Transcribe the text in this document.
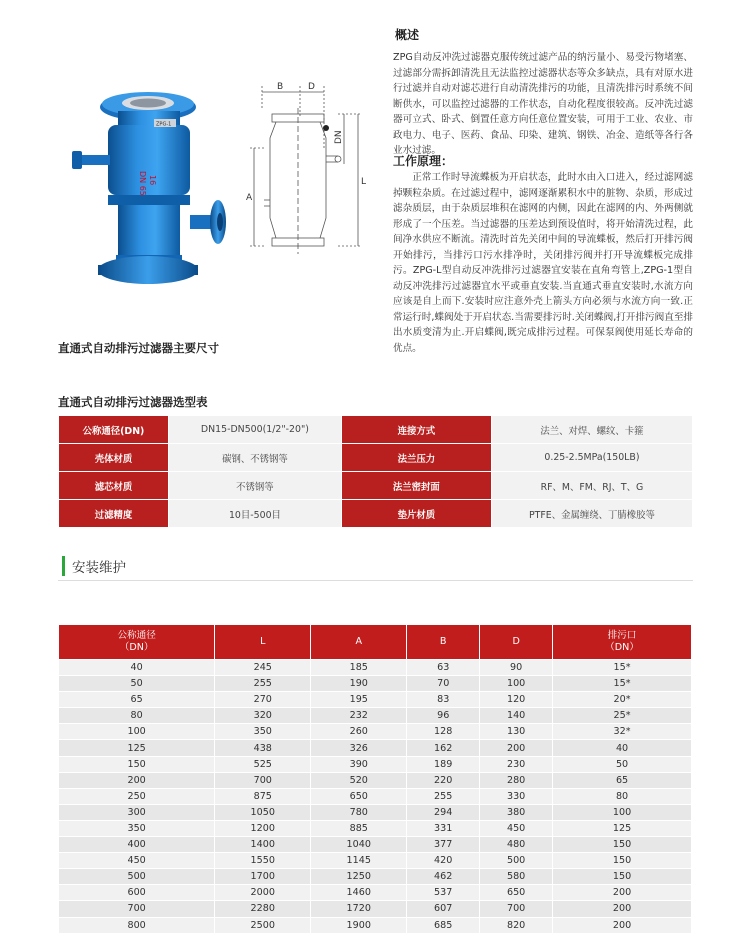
ZPG-1
16
DN 65
B	D
DN
L
A
概述

ZPG自动反冲洗过滤器克服传统过滤产品的纳污量小、易受污物堵塞、过滤部分需拆卸清洗且无法监控过滤器状态等众多缺点，具有对原水进行过滤并自动对滤芯进行自动清洗排污的功能，且清洗排污时系统不间断供水，可以监控过滤器的工作状态，自动化程度很较高。反冲洗过滤器可立式、卧式、倒置任意方向任意位置安装，可用于工业、农业、市政电力、电子、医药、食品、印染、建筑、钢铁、冶金、造纸等各行各业水过滤。

工作原理：

正常工作时导流蝶板为开启状态，此时水由入口进入，经过滤网滤掉颗粒杂质。在过滤过程中，滤网逐渐累积水中的脏物、杂质，形成过滤杂质层，由于杂质层堆积在滤网的内侧，因此在滤网的内、外两侧就形成了一个压差。当过滤器的压差达到预设值时，将开始清洗过程，此间净水供应不断流。清洗时首先关闭中间的导流蝶板，然后打开排污阀开始排污，当排污口污水排净时，关闭排污阀并打开导流蝶板完成排污。ZPG-L型自动反冲洗排污过滤器宜安装在直角弯管上,ZPG-1型自动反冲洗排污过滤器宜水平或垂直安装.当直通式垂直安装时,水流方向应该是自上而下.安装时应注意外壳上箭头方向必须与水流方向一致.正常运行时,蝶阀处于开启状态.当需要排污时.关闭蝶阀,打开排污阀直至排出水质变清为止.开启蝶阀,既完成排污过程。可保泵阀使用延长寿命的优点。

直通式自动排污过滤器主要尺寸
直通式自动排污过滤器选型表
公称通径(DN)	DN15-DN500(1/2"-20")	连接方式	法兰、对焊、螺纹、卡箍
壳体材质	碳钢、不锈钢等	法兰压力	0.25-2.5MPa(150LB)
滤芯材质	不锈钢等	法兰密封面	RF、M、FM、RJ、T、G
过滤精度	10目-500目	垫片材质	PTFE、金属缠绕、丁腈橡胶等
安装维护
公称通径
（DN）	L	A	B	D	排污口
（DN）
40	245	185	63	90	15*
50	255	190	70	100	15*
65	270	195	83	120	20*
80	320	232	96	140	25*
100	350	260	128	130	32*
125	438	326	162	200	40
150	525	390	189	230	50
200	700	520	220	280	65
250	875	650	255	330	80
300	1050	780	294	380	100
350	1200	885	331	450	125
400	1400	1040	377	480	150
450	1550	1145	420	500	150
500	1700	1250	462	580	150
600	2000	1460	537	650	200
700	2280	1720	607	700	200
800	2500	1900	685	820	200
